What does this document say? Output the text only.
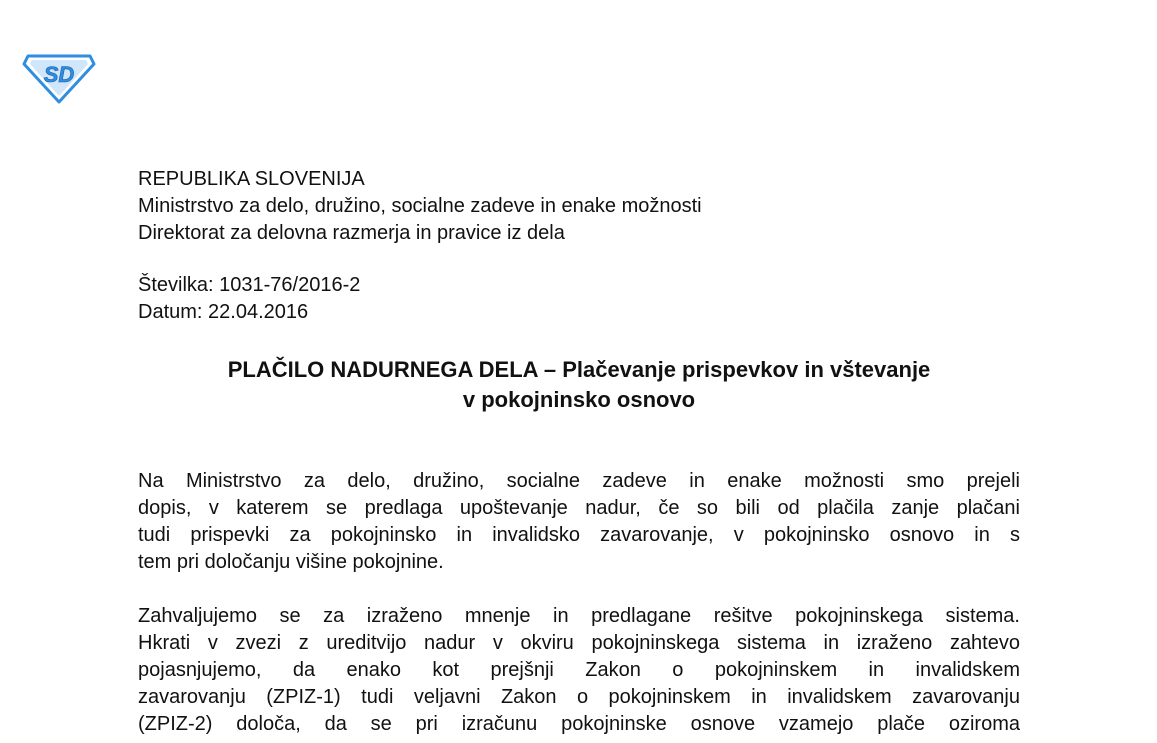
SD
REPUBLIKA SLOVENIJA
Ministrstvo za delo, družino, socialne zadeve in enake možnosti
Direktorat za delovna razmerja in pravice iz dela
Številka: 1031-76/2016-2
Datum: 22.04.2016
PLAČILO NADURNEGA DELA – Plačevanje prispevkov in vštevanje
v pokojninsko osnovo
Na Ministrstvo za delo, družino, socialne zadeve in enake možnosti smo prejeli
dopis, v katerem se predlaga upoštevanje nadur, če so bili od plačila zanje plačani
tudi prispevki za pokojninsko in invalidsko zavarovanje, v pokojninsko osnovo in s
tem pri določanju višine pokojnine.
Zahvaljujemo se za izraženo mnenje in predlagane rešitve pokojninskega sistema.
Hkrati v zvezi z ureditvijo nadur v okviru pokojninskega sistema in izraženo zahtevo
pojasnjujemo, da enako kot prejšnji Zakon o pokojninskem in invalidskem
zavarovanju (ZPIZ-1) tudi veljavni Zakon o pokojninskem in invalidskem zavarovanju
(ZPIZ-2) določa, da se pri izračunu pokojninske osnove vzamejo plače oziroma
